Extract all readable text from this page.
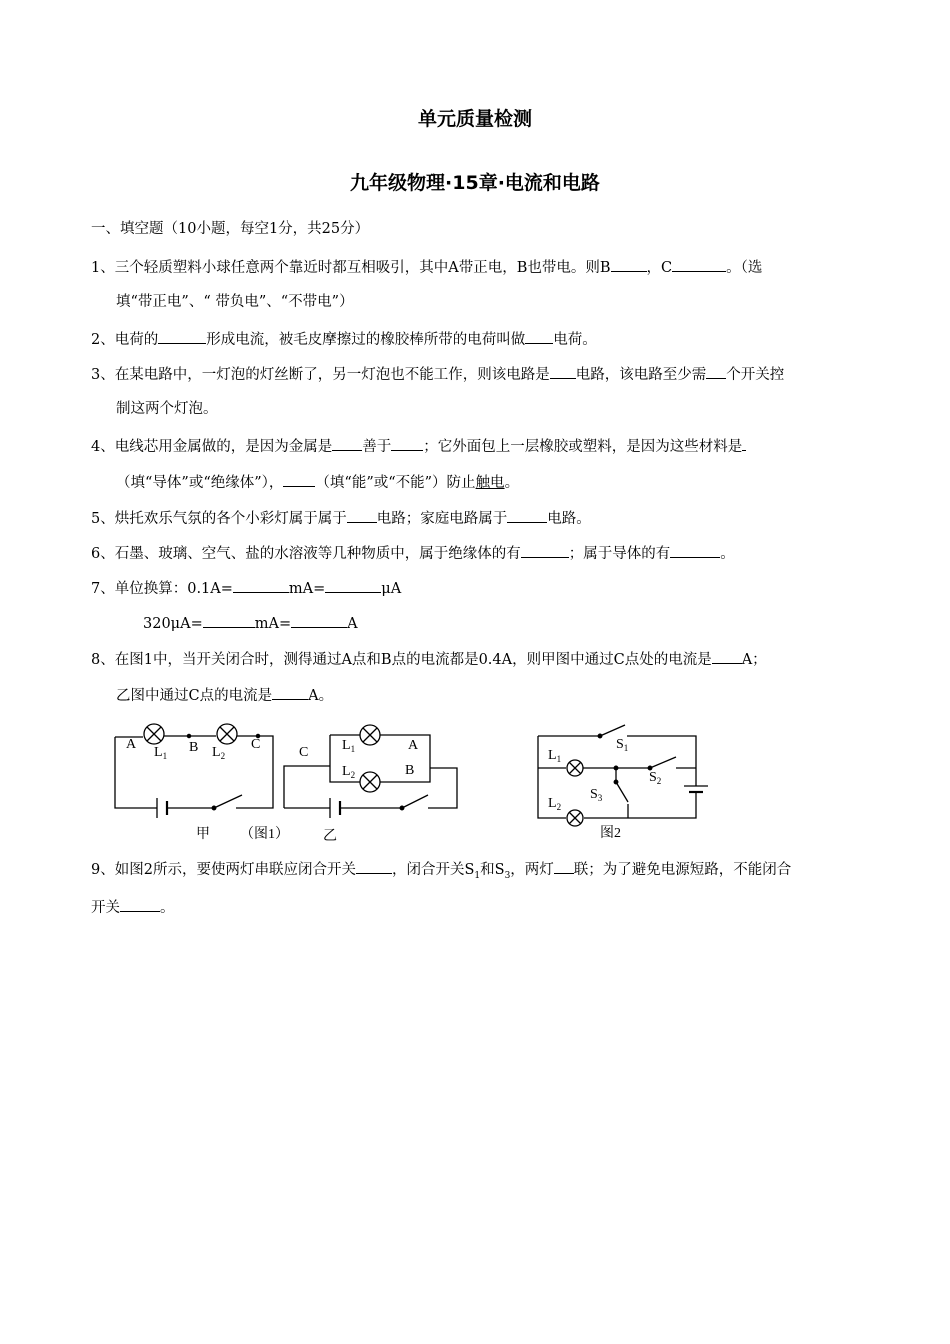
单元质量检测
九年级物理·15章·电流和电路
一、填空题（10小题，每空1分，共25分）
1、三个轻质塑料小球任意两个靠近时都互相吸引，其中A带正电，B也带电。则B ，C	。（选
填“带正电”、“ 带负电”、“不带电”）
2、电荷的	形成电流，被毛皮摩擦过的橡胶棒所带的电荷叫做 电荷。
3、在某电路中，一灯泡的灯丝断了，另一灯泡也不能工作，则该电路是 电路，该电路至少需 个开关控
制这两个灯泡。
4、电线芯用金属做的，是因为金属是 善于 ；它外面包上一层橡胶或塑料，是因为这些材料是
（填“导体”或“绝缘体”）， （填“能”或“不能”）防止触电。
5、烘托欢乐气氛的各个小彩灯属于属于 电路；家庭电路属于	电路。
6、石墨、玻璃、空气、盐的水溶液等几种物质中，属于绝缘体的有	；属于导体的有	。
7、单位换算：0.1A=	mA=	μA
320μA=	mA=	A
8、在图1中，当开关闭合时，测得通过A点和B点的电流都是0.4A，则甲图中通过C点处的电流是 A；
乙图中通过C点的电流是 A。
A
$L_1$
B $L_2$
C
C $L_1$	A
$L_2$	B
甲 （图1） 乙
$L_1$
$S_1$
$S_2$
$S_3$
$L_2$
图2
9、如图2所示，要使两灯串联应闭合开关 ，闭合开关$S_1$和$S_3$，两灯 联；为了避免电源短路，不能闭合
开关	。
